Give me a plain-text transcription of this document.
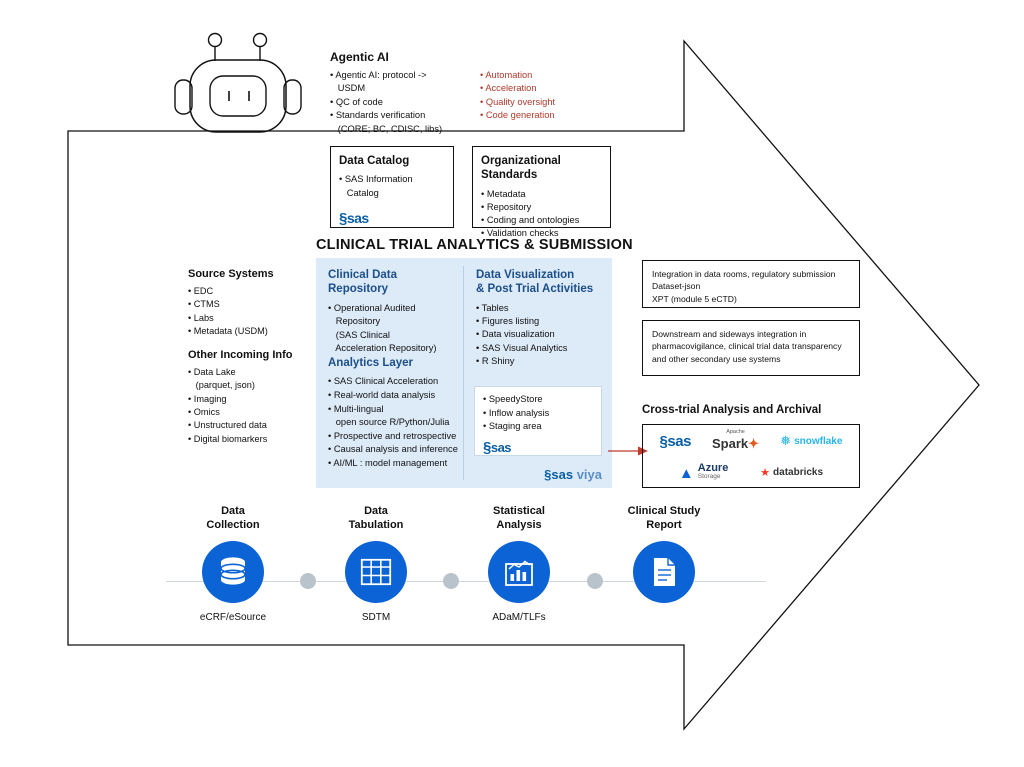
Agentic AI
• Agentic AI: protocol ->
USDM
• QC of code
• Standards verification
(CORE; BC, CDISC, libs)
• Automation
• Acceleration
• Quality oversight
• Code generation
Data Catalog
• SAS Information
Catalog
§sas
Organizational
Standards
• Metadata
• Repository
• Coding and ontologies
• Validation checks
CLINICAL TRIAL ANALYTICS & SUBMISSION
Clinical Data
Repository
• Operational Audited
Repository
(SAS Clinical
Acceleration Repository)
Analytics Layer
• SAS Clinical Acceleration
• Real-world data analysis
• Multi-lingual
open source R/Python/Julia
• Prospective and retrospective
• Causal analysis and inference
• AI/ML : model management
Data Visualization
& Post Trial Activities
• Tables
• Figures listing
• Data visualization
• SAS Visual Analytics
• R Shiny
• SpeedyStore
• Inflow analysis
• Staging area
§sas
§sas viya
Integration in data rooms, regulatory submission
Dataset-json
XPT (module 5 eCTD)
Downstream and sideways integration in
pharmacovigilance, clinical trial data transparency
and other secondary use systems
Cross-trial Analysis and Archival
§sas
Apache
Spark✦ ❅ snowflake
▲ Azure
Storage	★ databricks
Source Systems
• EDC
• CTMS
• Labs
• Metadata (USDM)
Other Incoming Info
• Data Lake
(parquet, json)
• Imaging
• Omics
• Unstructured data
• Digital biomarkers
Data
Collection
eCRF/eSource
Data
Tabulation
SDTM
Statistical
Analysis
ADaM/TLFs
Clinical Study
Report
